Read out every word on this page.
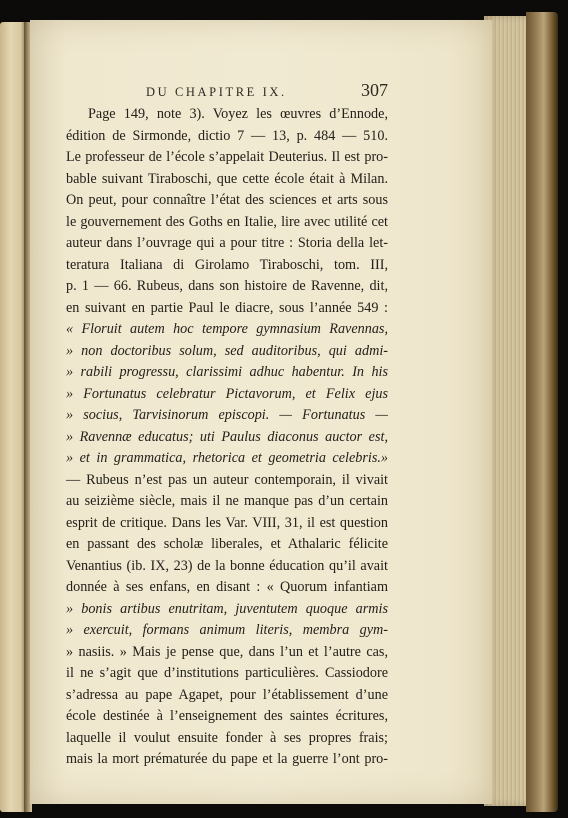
DU CHAPITRE IX.	307
Page 149, note 3). Voyez les œuvres d’Ennode,
édition de Sirmonde, dictio 7 — 13, p. 484 — 510.
Le professeur de l’école s’appelait Deuterius. Il est pro-
bable suivant Tiraboschi, que cette école était à Milan.
On peut, pour connaître l’état des sciences et arts sous
le gouvernement des Goths en Italie, lire avec utilité cet
auteur dans l’ouvrage qui a pour titre : Storia della let-
teratura Italiana di Girolamo Tiraboschi, tom. III,
p. 1 — 66. Rubeus, dans son histoire de Ravenne, dit,
en suivant en partie Paul le diacre, sous l’année 549 :
« Floruit autem hoc tempore gymnasium Ravennas,
» non doctoribus solum, sed auditoribus, qui admi-
» rabili progressu, clarissimi adhuc habentur. In his
» Fortunatus celebratur Pictavorum, et Felix ejus
» socius, Tarvisinorum episcopi. — Fortunatus —
» Ravennæ educatus; uti Paulus diaconus auctor est,
» et in grammatica, rhetorica et geometria celebris.»
— Rubeus n’est pas un auteur contemporain, il vivait
au seizième siècle, mais il ne manque pas d’un certain
esprit de critique. Dans les Var. VIII, 31, il est question
en passant des scholæ liberales, et Athalaric félicite
Venantius (ib. IX, 23) de la bonne éducation qu’il avait
donnée à ses enfans, en disant : « Quorum infantiam
» bonis artibus enutritam, juventutem quoque armis
» exercuit, formans animum literis, membra gym-
» nasiis. » Mais je pense que, dans l’un et l’autre cas,
il ne s’agit que d’institutions particulières. Cassiodore
s’adressa au pape Agapet, pour l’établissement d’une
école destinée à l’enseignement des saintes écritures,
laquelle il voulut ensuite fonder à ses propres frais;
mais la mort prématurée du pape et la guerre l’ont pro-
